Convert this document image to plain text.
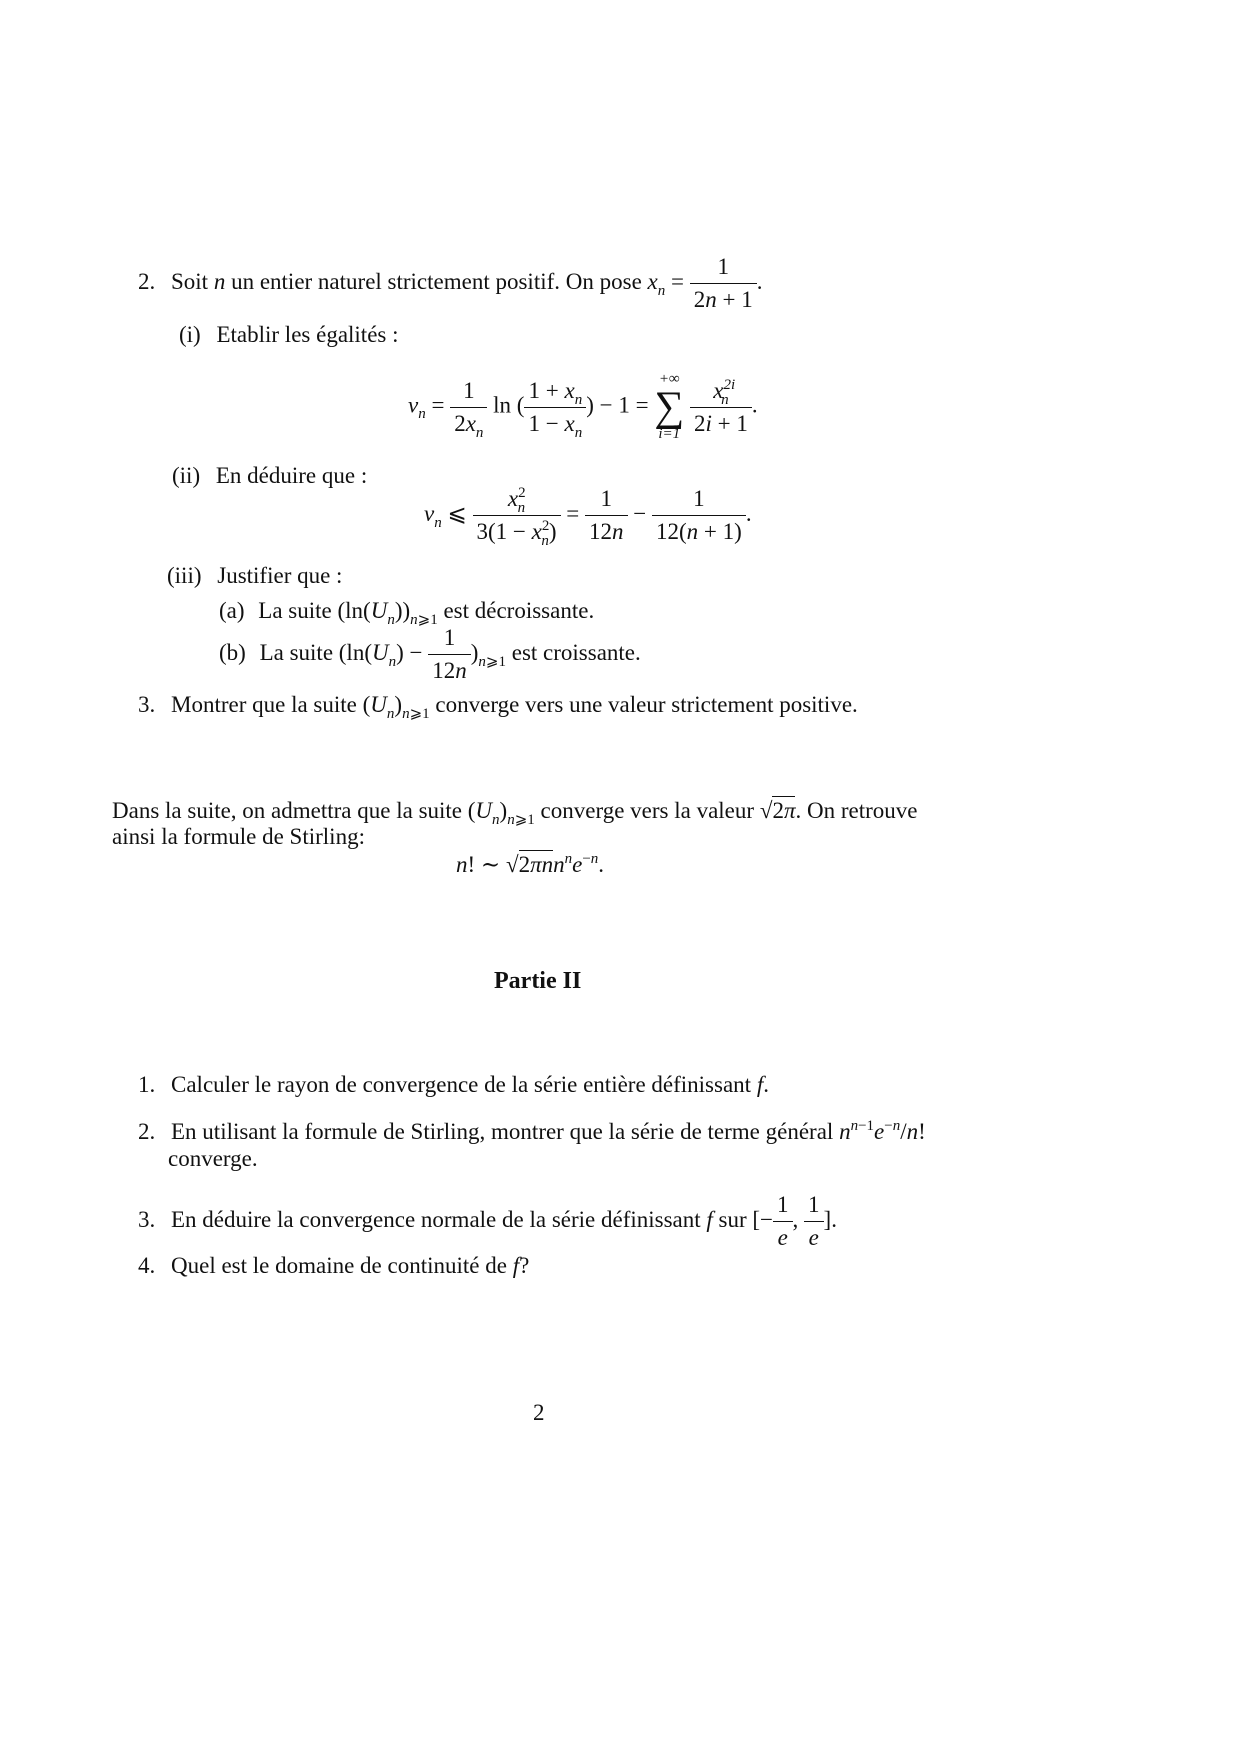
2. Soit n un entier naturel strictement positif. On pose $x_n = \frac{1}{2n + 1}$ .
(i) Etablir les égalités :
$v_n = \frac{1}{2x_n}$ ln ( $\frac{1 + x_n}{1 - x_n}$ ) − 1 =
+∞
∑
i=1
$\frac{x^{2i}_n}{2i + 1}$ .
(ii) En déduire que :
$v_n$ ⩽ $\frac{x^2_n}{3(1 - x^2_n)} = \frac{1}{12n} - \frac{1}{12(n + 1)}$ .
(iii) Justifier que :
(a) La suite $(\ln(U_n))_{n⩾1}$ est décroissante.
(b) La suite $(\ln(U_n) - \frac{1}{12n} )_{n⩾1}$ est croissante.
3. Montrer que la suite $(U_n)_{n⩾1}$ converge vers une valeur strictement positive.
Dans la suite, on admettra que la suite $(U_n)_{n⩾1}$ converge vers la valeur √2π. On retrouve
ainsi la formule de Stirling:
n! ∼ $√2\pi nn^ne^{-n}$.
Partie II
1. Calculer le rayon de convergence de la série entière définissant f.
2. En utilisant la formule de Stirling, montrer que la série de terme général $n^{n-1}e^{-n}/n$!
converge.
3. En déduire la convergence normale de la série définissant f sur [− $\frac{1}{e}$ , $\frac{1}{e}$ ].
4. Quel est le domaine de continuité de f?
2
